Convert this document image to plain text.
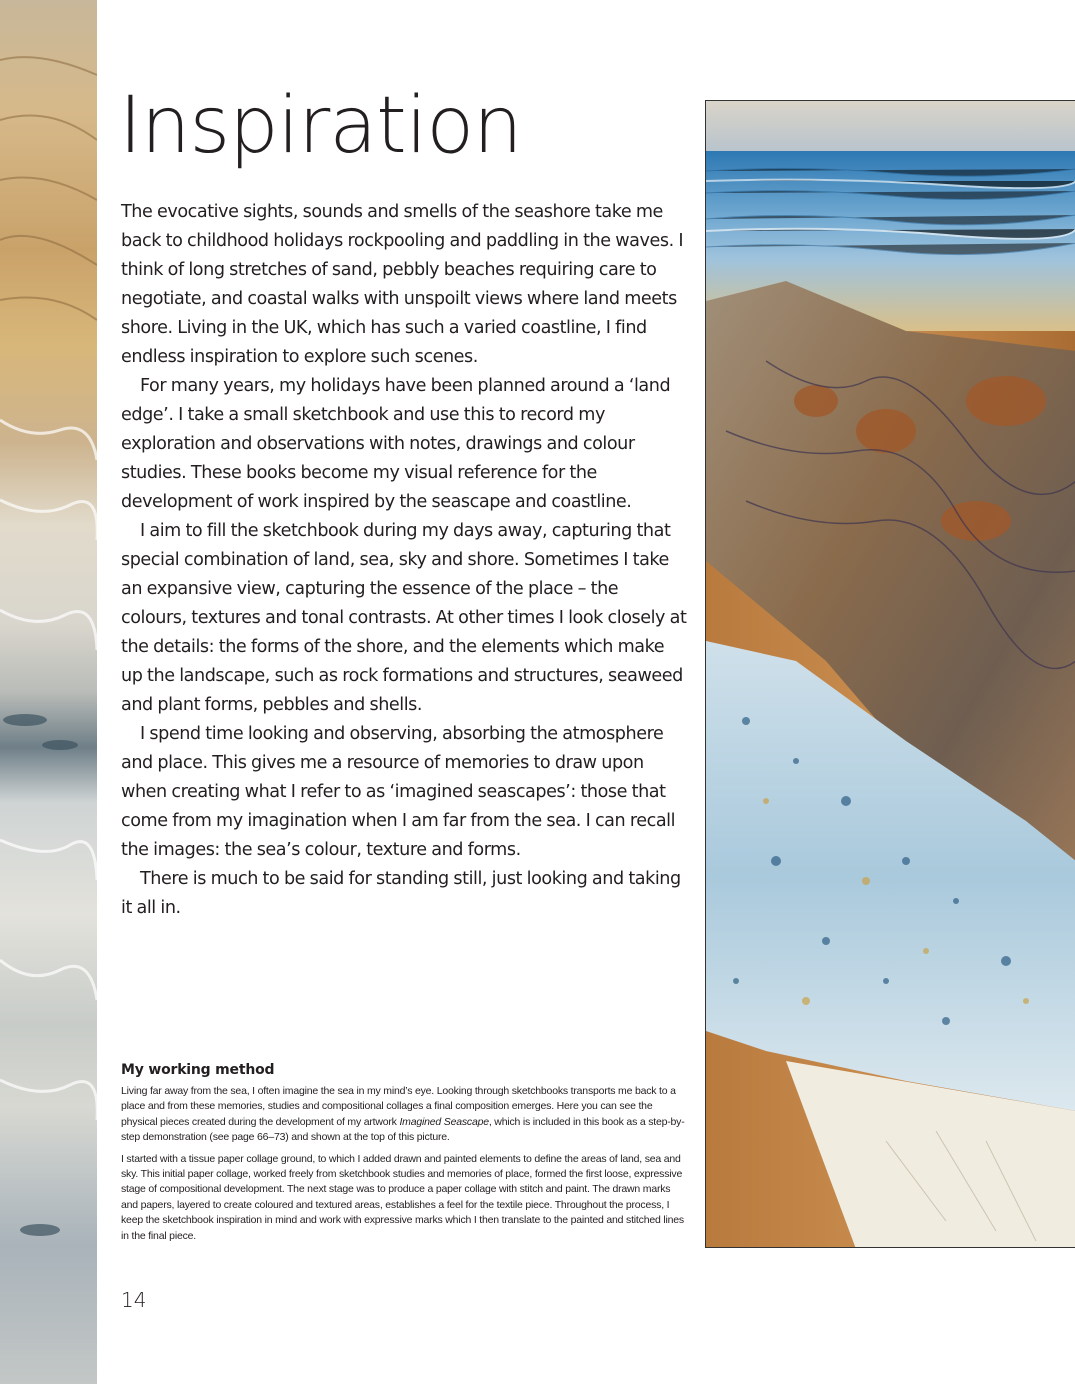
Inspiration

The evocative sights, sounds and smells of the seashore take me back to childhood holidays rockpooling and paddling in the waves. I think of long stretches of sand, pebbly beaches requiring care to negotiate, and coastal walks with unspoilt views where land meets shore. Living in the UK, which has such a varied coastline, I find endless inspiration to explore such scenes.

For many years, my holidays have been planned around a ‘land edge’. I take a small sketchbook and use this to record my exploration and observations with notes, drawings and colour studies. These books become my visual reference for the development of work inspired by the seascape and coastline.

I aim to fill the sketchbook during my days away, capturing that special combination of land, sea, sky and shore. Sometimes I take an expansive view, capturing the essence of the place – the colours, textures and tonal contrasts. At other times I look closely at the details: the forms of the shore, and the elements which make up the landscape, such as rock formations and structures, seaweed and plant forms, pebbles and shells.

I spend time looking and observing, absorbing the atmosphere and place. This gives me a resource of memories to draw upon when creating what I refer to as ‘imagined seascapes’: those that come from my imagination when I am far from the sea. I can recall the images: the sea’s colour, texture and forms.

There is much to be said for standing still, just looking and taking it all in.

My working method

Living far away from the sea, I often imagine the sea in my mind’s eye. Looking through sketchbooks transports me back to a place and from these memories, studies and compositional collages a final composition emerges. Here you can see the physical pieces created during the development of my artwork Imagined Seascape, which is included in this book as a step-by-step demonstration (see page 66–73) and shown at the top of this picture.

I started with a tissue paper collage ground, to which I added drawn and painted elements to define the areas of land, sea and sky. This initial paper collage, worked freely from sketchbook studies and memories of place, formed the first loose, expressive stage of compositional development. The next stage was to produce a paper collage with stitch and paint. The drawn marks and papers, layered to create coloured and textured areas, establishes a feel for the textile piece. Throughout the process, I keep the sketchbook inspiration in mind and work with expressive marks which I then translate to the painted and stitched lines in the final piece.

14
